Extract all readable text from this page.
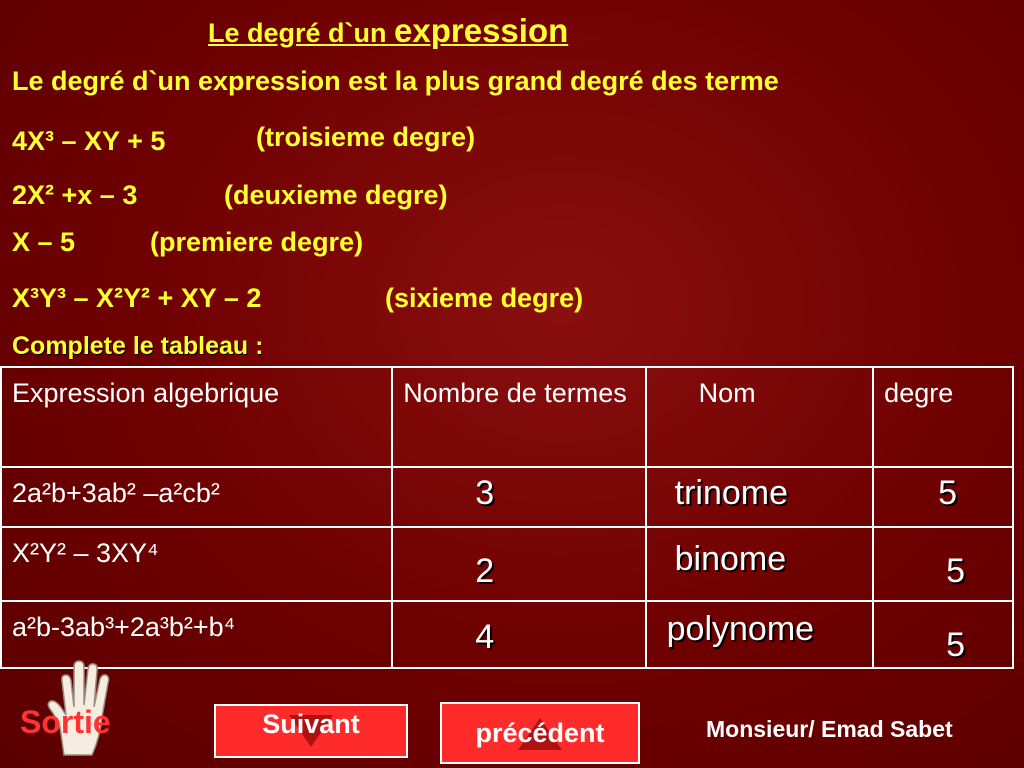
Le degré d`un expression

Le degré d`un expression est la plus grand degré des terme

4X³ – XY + 5	(troisieme degre)

2X² +x – 3	(deuxieme degre)

X – 5	(premiere degre)

X³Y³ – X²Y² + XY – 2	(sixieme degre)

Complete le tableau :

Expression algebrique	Nombre de termes	Nom	degre
2a²b+3ab² –a²cb²	3	trinome	5

X²Y² – 3XY⁴	2	binome	5

a²b-3ab³+2a³b²+b⁴	4	polynome	5

Sortie	Suivant	précédent	Monsieur/ Emad Sabet
